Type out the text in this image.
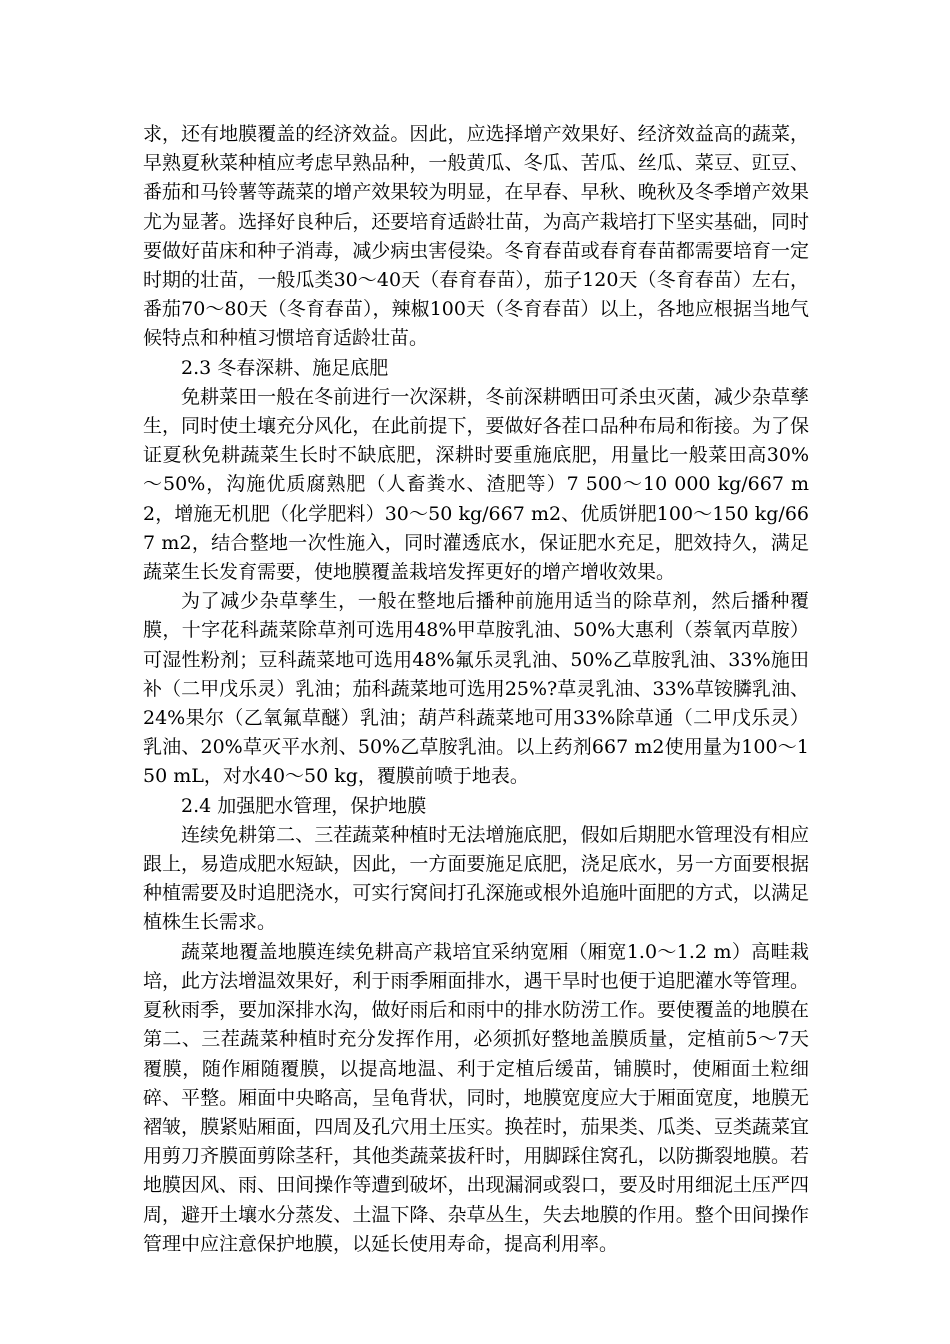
求，还有地膜覆盖的经济效益。因此，应选择增产效果好、经济效益高的蔬菜，早熟夏秋菜种植应考虑早熟品种，一般黄瓜、冬瓜、苦瓜、丝瓜、菜豆、豇豆、番茄和马铃薯等蔬菜的增产效果较为明显，在早春、早秋、晚秋及冬季增产效果尤为显著。选择好良种后，还要培育适龄壮苗，为高产栽培打下坚实基础，同时要做好苗床和种子消毒，减少病虫害侵染。冬育春苗或春育春苗都需要培育一定时期的壮苗，一般瓜类30～40天（春育春苗），茄子120天（冬育春苗）左右，番茄70～80天（冬育春苗），辣椒100天（冬育春苗）以上，各地应根据当地气候特点和种植习惯培育适龄壮苗。

2.3 冬春深耕、施足底肥

免耕菜田一般在冬前进行一次深耕，冬前深耕晒田可杀虫灭菌，减少杂草孳生，同时使土壤充分风化，在此前提下，要做好各茬口品种布局和衔接。为了保证夏秋免耕蔬菜生长时不缺底肥，深耕时要重施底肥，用量比一般菜田高30%～50%，沟施优质腐熟肥（人畜粪水、渣肥等）7 500～10 000 kg/667 m2，增施无机肥（化学肥料）30～50 kg/667 m2、优质饼肥100～150 kg/667 m2，结合整地一次性施入，同时灌透底水，保证肥水充足，肥效持久，满足蔬菜生长发育需要，使地膜覆盖栽培发挥更好的增产增收效果。

为了减少杂草孳生，一般在整地后播种前施用适当的除草剂，然后播种覆膜，十字花科蔬菜除草剂可选用48%甲草胺乳油、50%大惠利（萘氧丙草胺）可湿性粉剂；豆科蔬菜地可选用48%氟乐灵乳油、50%乙草胺乳油、33%施田补（二甲戊乐灵）乳油；茄科蔬菜地可选用25%?草灵乳油、33%草铵膦乳油、24%果尔（乙氧氟草醚）乳油；葫芦科蔬菜地可用33%除草通（二甲戊乐灵）乳油、20%草灭平水剂、50%乙草胺乳油。以上药剂667 m2使用量为100～150 mL，对水40～50 kg，覆膜前喷于地表。

2.4 加强肥水管理，保护地膜

连续免耕第二、三茬蔬菜种植时无法增施底肥，假如后期肥水管理没有相应跟上，易造成肥水短缺，因此，一方面要施足底肥，浇足底水，另一方面要根据种植需要及时追肥浇水，可实行窝间打孔深施或根外追施叶面肥的方式，以满足植株生长需求。

蔬菜地覆盖地膜连续免耕高产栽培宜采纳宽厢（厢宽1.0～1.2 m）高畦栽培，此方法增温效果好，利于雨季厢面排水，遇干旱时也便于追肥灌水等管理。夏秋雨季，要加深排水沟，做好雨后和雨中的排水防涝工作。要使覆盖的地膜在第二、三茬蔬菜种植时充分发挥作用，必须抓好整地盖膜质量，定植前5～7天覆膜，随作厢随覆膜，以提高地温、利于定植后缓苗，铺膜时，使厢面土粒细碎、平整。厢面中央略高，呈龟背状，同时，地膜宽度应大于厢面宽度，地膜无褶皱，膜紧贴厢面，四周及孔穴用土压实。换茬时，茄果类、瓜类、豆类蔬菜宜用剪刀齐膜面剪除茎秆，其他类蔬菜拔秆时，用脚踩住窝孔，以防撕裂地膜。若地膜因风、雨、田间操作等遭到破坏，出现漏洞或裂口，要及时用细泥土压严四周，避开土壤水分蒸发、土温下降、杂草丛生，失去地膜的作用。整个田间操作管理中应注意保护地膜，以延长使用寿命，提高利用率。
